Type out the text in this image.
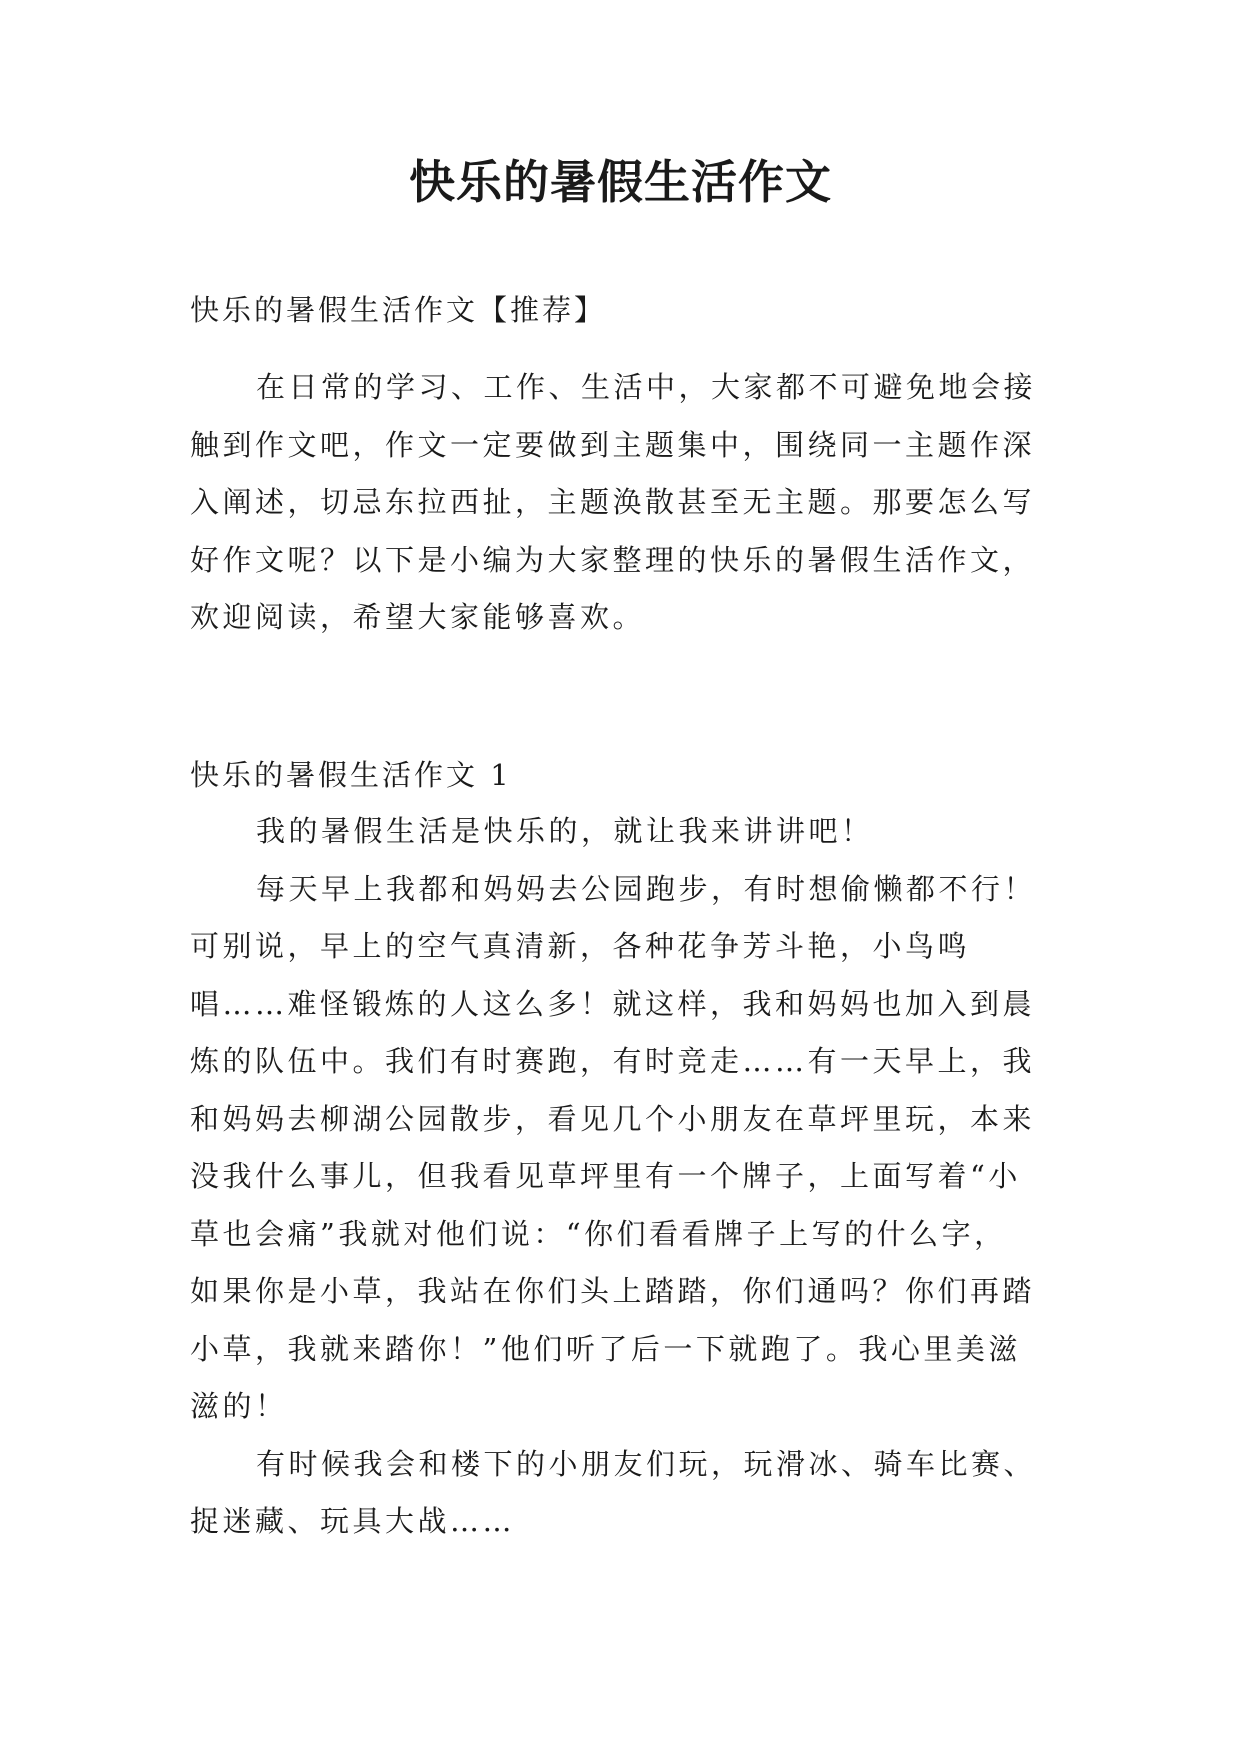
快乐的暑假生活作文
快乐的暑假生活作文【推荐】
在日常的学习、工作、生活中，大家都不可避免地会接
触到作文吧，作文一定要做到主题集中，围绕同一主题作深
入阐述，切忌东拉西扯，主题涣散甚至无主题。那要怎么写
好作文呢？以下是小编为大家整理的快乐的暑假生活作文，
欢迎阅读，希望大家能够喜欢。
快乐的暑假生活作文 1
我的暑假生活是快乐的，就让我来讲讲吧！
每天早上我都和妈妈去公园跑步，有时想偷懒都不行！
可别说，早上的空气真清新，各种花争芳斗艳，小鸟鸣
唱……难怪锻炼的人这么多！就这样，我和妈妈也加入到晨
炼的队伍中。我们有时赛跑，有时竞走……有一天早上，我
和妈妈去柳湖公园散步，看见几个小朋友在草坪里玩，本来
没我什么事儿，但我看见草坪里有一个牌子，上面写着“小
草也会痛”我就对他们说：“你们看看牌子上写的什么字，
如果你是小草，我站在你们头上踏踏，你们通吗？你们再踏
小草，我就来踏你！”他们听了后一下就跑了。我心里美滋
滋的！
有时候我会和楼下的小朋友们玩，玩滑冰、骑车比赛、
捉迷藏、玩具大战……
